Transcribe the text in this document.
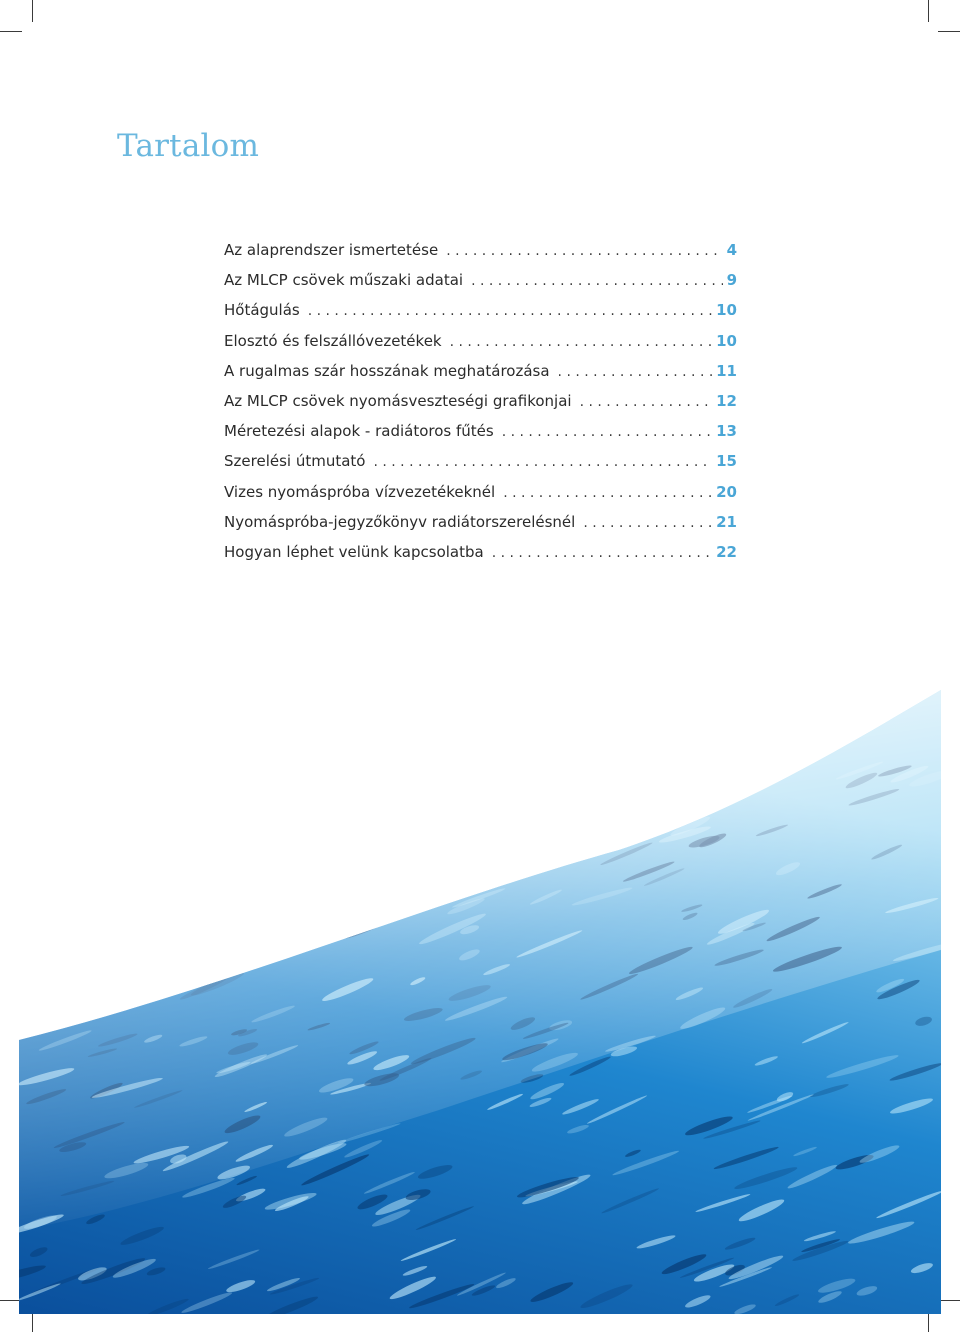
Tartalom
Az alaprendszer ismertetése . . .	4
Az MLCP csövek műszaki adatai . . .	9
Hőtágulás . . .	10
Elosztó és felszállóvezetékek . . .	10
A rugalmas szár hosszának meghatározása . . .	11
Az MLCP csövek nyomásveszteségi grafikonjai . . .	12
Méretezési alapok - radiátoros fűtés . . .	13
Szerelési útmutató . . .	15
Vizes nyomáspróba vízvezetékeknél . . .	20
Nyomáspróba-jegyzőkönyv radiátorszerelésnél . . .	21
Hogyan léphet velünk kapcsolatba . . .	22
